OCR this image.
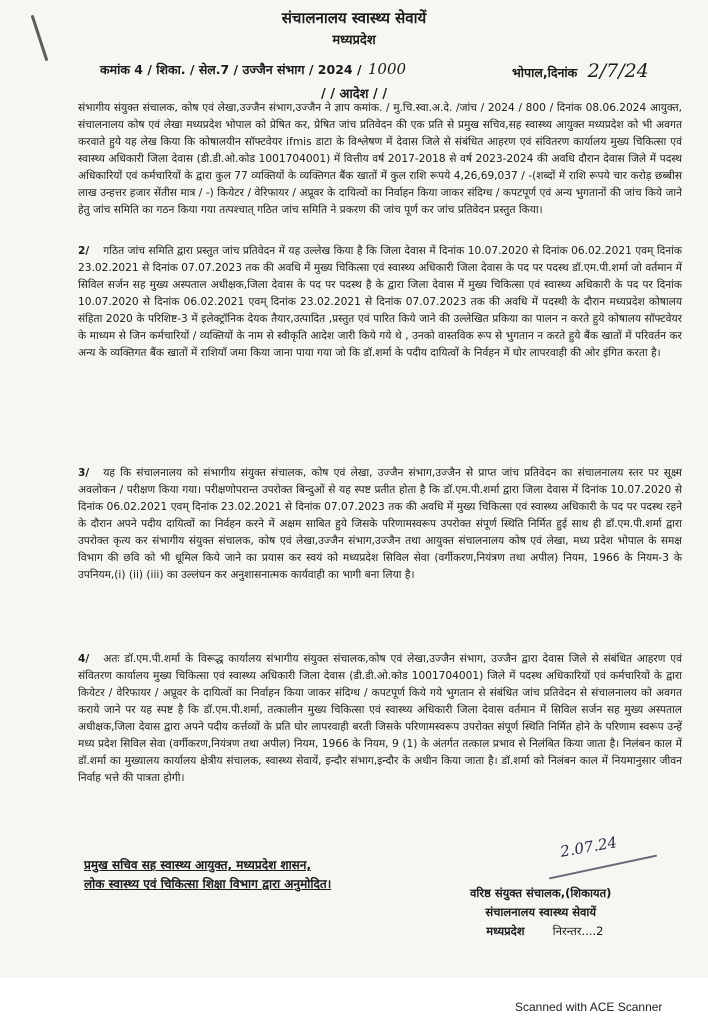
संचालनालय स्वास्थ्य सेवायें
मध्यप्रदेश
कमांक 4 / शिका. / सेल.7 / उज्जैन संभाग / 2024 / 1000	भोपाल,दिनांक 2/7/24
/ / आदेश / /
संभागीय संयुक्त संचालक, कोष एवं लेखा,उज्जैन संभाग,उज्जैन ने ज्ञाप कमांक. / मु.चि.स्वा.अ.दे. /जांच / 2024 / 800 / दिनांक 08.06.2024 आयुक्त, संचालनालय कोष एवं लेखा मध्यप्रदेश भोपाल को प्रेषित कर, प्रेषित जांच प्रतिवेदन की एक प्रति से प्रमुख सचिव,सह स्वास्थ्य आयुक्त मध्यप्रदेश को भी अवगत करवाते हुये यह लेख किया कि कोषालयीन सॉफ्टवेयर ifmis डाटा के विश्लेषण में देवास जिले से संबंधित आहरण एवं संवितरण कार्यालय मुख्य चिकित्सा एवं स्वास्थ्य अधिकारी जिला देवास (डी.डी.ओ.कोड 1001704001) में वित्तीय वर्ष 2017-2018 से वर्ष 2023-2024 की अवधि दौरान देवास जिले में पदस्थ अधिकारियों एवं कर्मचारियों के द्वारा कुल 77 व्यक्तियों के व्यक्तिगत बैंक खातों में कुल राशि रूपये 4,26,69,037 / -(शब्दों में राशि रूपये चार करोड़ छब्बीस लाख उन्हत्तर हजार सेंतीस मात्र / -) कियेटर / वेरिफायर / अप्रूवर के दायित्वों का निर्वाहन किया जाकर संदिग्ध / कपटपूर्ण एवं अन्य भुगतानों की जांच किये जाने हेतु जांच समिति का गठन किया गया तत्पश्चात् गठित जांच समिति ने प्रकरण की जांच पूर्ण कर जांच प्रतिवेदन प्रस्तुत किया।
2/ गठित जांच समिति द्वारा प्रस्तुत जांच प्रतिवेदन में यह उल्लेख किया है कि जिला देवास में दिनांक 10.07.2020 से दिनांक 06.02.2021 एवम् दिनांक 23.02.2021 से दिनांक 07.07.2023 तक की अवधि में मुख्य चिकित्सा एवं स्वास्थ्य अधिकारी जिला देवास के पद पर पदस्थ डॉ.एम.पी.शर्मा जो वर्तमान में सिविल सर्जन सह मुख्य अस्पताल अधीक्षक,जिला देवास के पद पर पदस्थ है के द्वारा जिला देवास में मुख्य चिकित्सा एवं स्वास्थ्य अधिकारी के पद पर दिनांक 10.07.2020 से दिनांक 06.02.2021 एवम् दिनांक 23.02.2021 से दिनांक 07.07.2023 तक की अवधि में पदस्थी के दौरान मध्यप्रदेश कोषालय संहिता 2020 के परिशिष्ट-3 में इलेक्ट्रॉनिक देयक तैयार,उत्पादित ,प्रस्तुत एवं पारित किये जाने की उल्लेखित प्रकिया का पालन न करते हुये कोषालय सॉफ्टवेयर के माध्यम से जिन कर्मचारियों / व्यक्तियों के नाम से स्वीकृति आदेश जारी किये गये थे , उनको वास्तविक रूप से भुगतान न करते हुये बैंक खातों में परिवर्तन कर अन्य के व्यक्तिगत बैंक खातों में राशियाँ जमा किया जाना पाया गया जो कि डॉ.शर्मा के पदीय दायित्वों के निर्वहन में घोर लापरवाही की ओर इंगित करता है।
3/ यह कि संचालनालय को संभागीय संयुक्त संचालक, कोष एवं लेखा, उज्जैन संभाग,उज्जैन से प्राप्त जांच प्रतिवेदन का संचालनालय स्तर पर सूक्ष्म अवलोकन / परीक्षण किया गया। परीक्षणोपरान्त उपरोक्त बिन्दुओं से यह स्पष्ट प्रतीत होता है कि डॉ.एम.पी.शर्मा द्वारा जिला देवास में दिनांक 10.07.2020 से दिनांक 06.02.2021 एवम् दिनांक 23.02.2021 से दिनांक 07.07.2023 तक की अवधि में मुख्य चिकित्सा एवं स्वास्थ्य अधिकारी के पद पर पदस्थ रहने के दौरान अपने पदीय दायित्वों का निर्वहन करने में अक्षम साबित हुये जिसके परिणामस्वरूप उपरोक्त संपूर्ण स्थिति निर्मित हुई साथ ही डॉ.एम.पी.शर्मा द्वारा उपरोक्त कृत्य कर संभागीय संयुक्त संचालक, कोष एवं लेखा,उज्जैन संभाग,उज्जैन तथा आयुक्त संचालनालय कोष एवं लेखा, मध्य प्रदेश भोपाल के समक्ष विभाग की छवि को भी धूमिल किये जाने का प्रयास कर स्वयं को मध्यप्रदेश सिविल सेवा (वर्गीकरण,नियंत्रण तथा अपील) नियम, 1966 के नियम-3 के उपनियम,(i) (ii) (iii) का उल्लंघन कर अनुशासनात्मक कार्यवाही का भागी बना लिया है।
4/ अतः डॉ.एम.पी.शर्मा के विरूद्ध कार्यालय संभागीय संयुक्त संचालक,कोष एवं लेखा,उज्जैन संभाग, उज्जैन द्वारा देवास जिले से संबंधित आहरण एवं संवितरण कार्यालय मुख्य चिकित्सा एवं स्वास्थ्य अधिकारी जिला देवास (डी.डी.ओ.कोड 1001704001) जिले में पदस्थ अधिकारियों एवं कर्मचारियों के द्वारा कियेटर / वेरिफायर / अप्रूवर के दायित्वों का निर्वाहन किया जाकर संदिग्ध / कपटपूर्ण किये गये भुगतान से संबंधित जांच प्रतिवेदन से संचालनालय को अवगत कराये जाने पर यह स्पष्ट है कि डॉ.एम.पी.शर्मा, तत्कालीन मुख्य चिकित्सा एवं स्वास्थ्य अधिकारी जिला देवास वर्तमान में सिविल सर्जन सह मुख्य अस्पताल अधीक्षक,जिला देवास द्वारा अपने पदीय कर्त्तव्यों के प्रति घोर लापरवाही बरती जिसके परिणामस्वरूप उपरोक्त संपूर्ण स्थिति निर्मित होने के परिणाम स्वरूप उन्हें मध्य प्रदेश सिविल सेवा (वर्गीकरण,नियंत्रण तथा अपील) नियम, 1966 के नियम, 9 (1) के अंतर्गत तत्काल प्रभाव से निलंबित किया जाता है। निलंबन काल में डॉ.शर्मा का मुख्यालय कार्यालय क्षेत्रीय संचालक, स्वास्थ्य सेवायें, इन्दौर संभाग,इन्दौर के अधीन किया जाता है। डॉ.शर्मा को निलंबन काल में नियमानुसार जीवन निर्वाह भत्ते की पात्रता होगी।
प्रमुख सचिव सह स्वास्थ्य आयुक्त, मध्यप्रदेश शासन,
लोक स्वास्थ्य एवं चिकित्सा शिक्षा विभाग द्वारा अनुमोदित।
2.07.24
वरिष्ठ संयुक्त संचालक,(शिकायत)
संचालनालय स्वास्थ्य सेवायें
मध्यप्रदेश निरन्तर....2
Scanned with ACE Scanner
